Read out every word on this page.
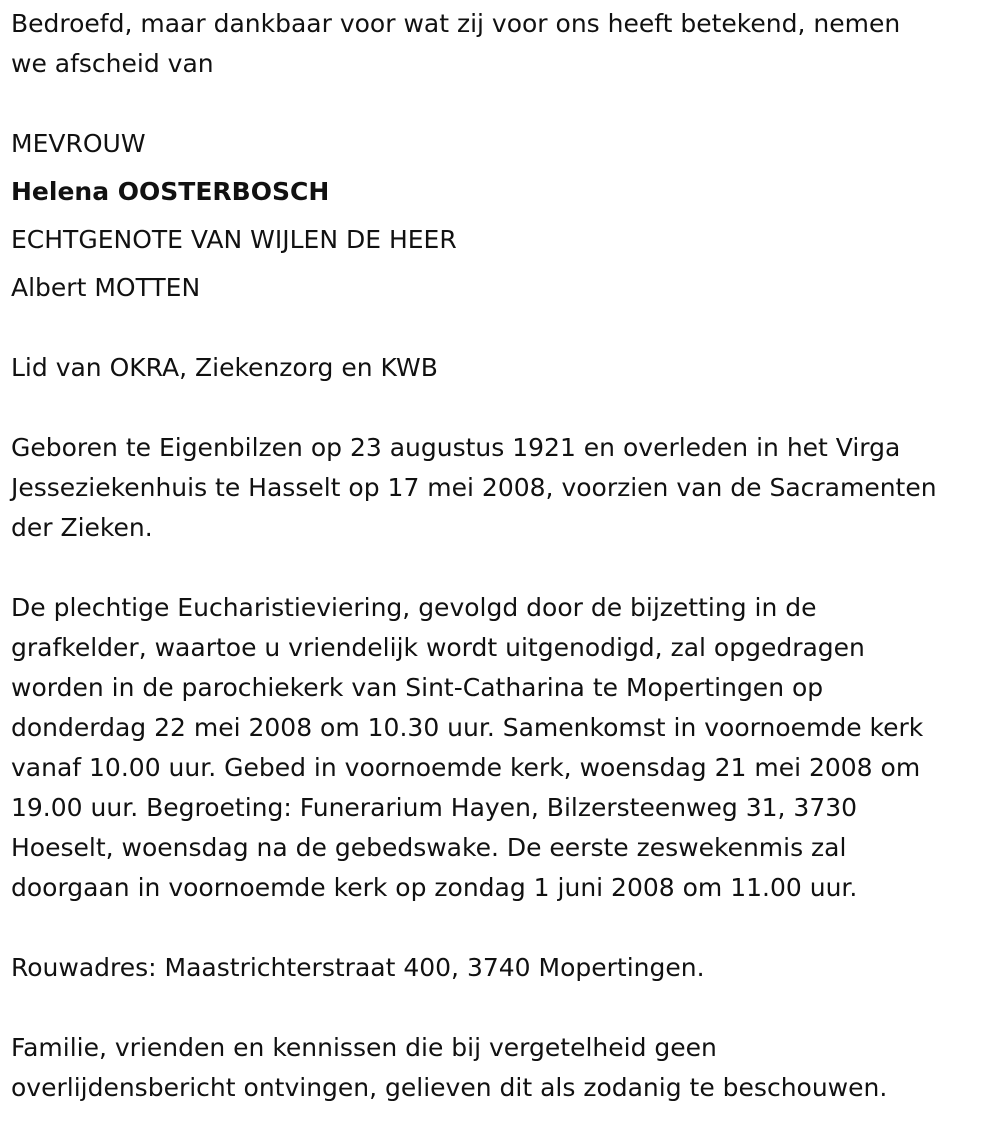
Bedroefd, maar dankbaar voor wat zij voor ons heeft betekend, nemen
we afscheid van
MEVROUW
Helena OOSTERBOSCH
ECHTGENOTE VAN WIJLEN DE HEER
Albert MOTTEN
Lid van OKRA, Ziekenzorg en KWB
Geboren te Eigenbilzen op 23 augustus 1921 en overleden in het Virga
Jesseziekenhuis te Hasselt op 17 mei 2008, voorzien van de Sacramenten
der Zieken.
De plechtige Eucharistieviering, gevolgd door de bijzetting in de
grafkelder, waartoe u vriendelijk wordt uitgenodigd, zal opgedragen
worden in de parochiekerk van Sint-Catharina te Mopertingen op
donderdag 22 mei 2008 om 10.30 uur. Samenkomst in voornoemde kerk
vanaf 10.00 uur. Gebed in voornoemde kerk, woensdag 21 mei 2008 om
19.00 uur. Begroeting: Funerarium Hayen, Bilzersteenweg 31, 3730
Hoeselt, woensdag na de gebedswake. De eerste zeswekenmis zal
doorgaan in voornoemde kerk op zondag 1 juni 2008 om 11.00 uur.
Rouwadres: Maastrichterstraat 400, 3740 Mopertingen.
Familie, vrienden en kennissen die bij vergetelheid geen
overlijdensbericht ontvingen, gelieven dit als zodanig te beschouwen.
